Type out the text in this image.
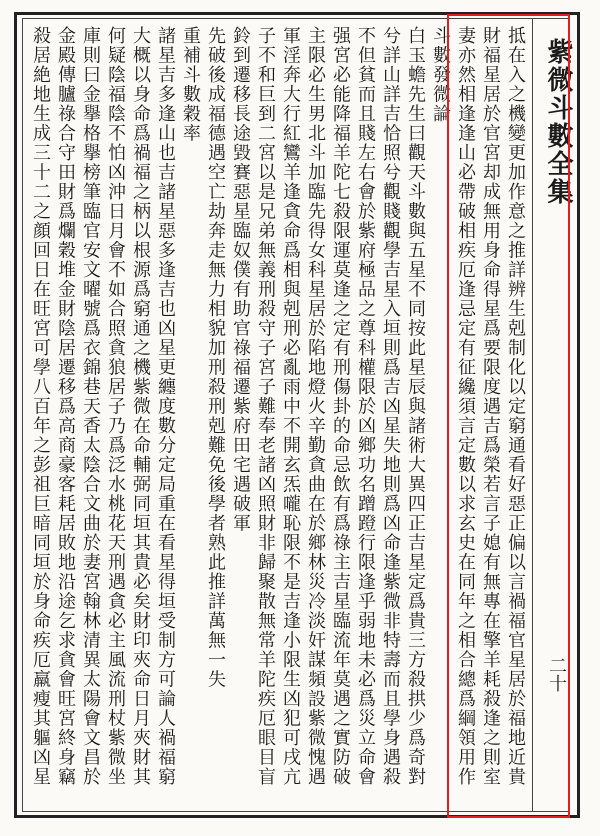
紫微斗數全集
二十
抵在入之機變更加作意之推詳辨生剋制化以定窮通看好惡正偏以言禍福官星居於福地近貴
財福星居於官宮却成無用身命得星爲要限度遇吉爲榮若言子媳有無專在擎羊耗殺逢之則室
妻亦然相逢逢山必帶破相疾厄逢忌定有征纔須言定數以求玄史在同年之相合總爲綱領用作
斗數發微論
白玉蟾先生曰觀天斗數與五星不同按此星辰與諸術大異四正吉星定爲貴三方殺拱少爲奇對
兮詳山詳吉恰照兮觀賤觀學吉星入垣則爲吉凶星失地則爲凶命逢紫微非特壽而且學身遇殺
不但貧而且賤左右會於紫府極品之尊科權限於凶鄉功名蹭蹬行限逢乎弱地未必爲災立命會
强宮必能降福羊陀七殺限運莫逢之定有刑傷卦的命忌飲有爲祿主吉星臨流年莫遇之實防破
主限必生男北斗加臨先得女科星居於陷地燈火辛勤貪曲在於鄉林災冷淡奸謀頻設紫微愧遇
軍淫奔大行紅鸞羊逢貪命爲相與剋刑必亂雨中不開玄炁嚨恥限不是吉逢小限生凶犯可戌亢
子不和巨到二宮以是兄弟無義刑殺守子宮子難奉老諸凶照財非歸聚散無常羊陀疾厄眼目盲
鈴到遷移長途毀賽惡星臨奴僕有助官祿福遷紫府田宅遇破軍
先破後成福德遇空亡劫奔走無力相貌加刑殺刑剋難免後學者熟此推詳萬無一失
重補斗數穀率
諸星吉多逢山也吉諸星惡多逢吉也凶星更纏度數分定局重在看星得垣受制方可論人禍福窮
大概以身命爲禍福之柄以根源爲窮通之機紫微在命輔弼同垣其貴必矣財印夾命日月夾財其
何疑陰福陰不怕凶沖日月會不如合照貪狼居子乃爲泛水桃花天刑遇貪必主風流刑杖紫微坐
庫則曰金擧格擧榜筆臨官安文曜號爲衣錦巷天香太陰合文曲於妻宮翰林清異太陽會文昌於
金殿傳臚祿合守田財爲爛穀堆金財陰居遷移爲高商豪客耗居敗地沿途乞求貪會旺宮終身竊
殺居絶地生成三十二之顔回日在旺宮可學八百年之彭祖巨暗同垣於身命疾厄羸瘦其軀凶星
